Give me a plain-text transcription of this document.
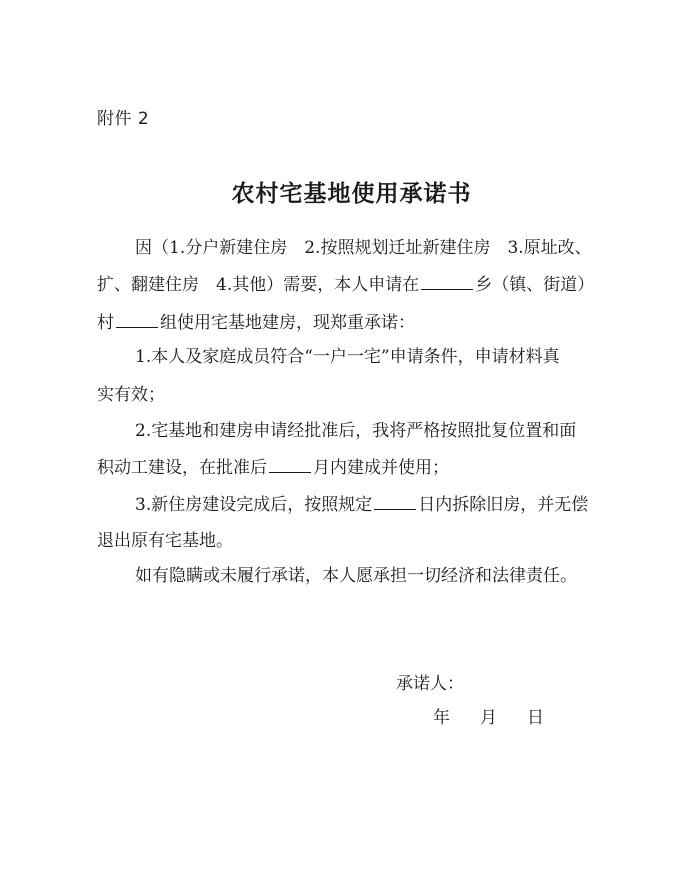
附件 2
农村宅基地使用承诺书
因（1.分户新建住房　2.按照规划迁址新建住房　3.原址改、
扩、翻建住房　4.其他）需要，本人申请在	乡（镇、街道）
村	组使用宅基地建房，现郑重承诺：
1.本人及家庭成员符合“一户一宅”申请条件，申请材料真
实有效；
2.宅基地和建房申请经批准后，我将严格按照批复位置和面
积动工建设，在批准后	月内建成并使用；
3.新住房建设完成后，按照规定	日内拆除旧房，并无偿
退出原有宅基地。
如有隐瞒或未履行承诺，本人愿承担一切经济和法律责任。
承诺人：
年 月 日
